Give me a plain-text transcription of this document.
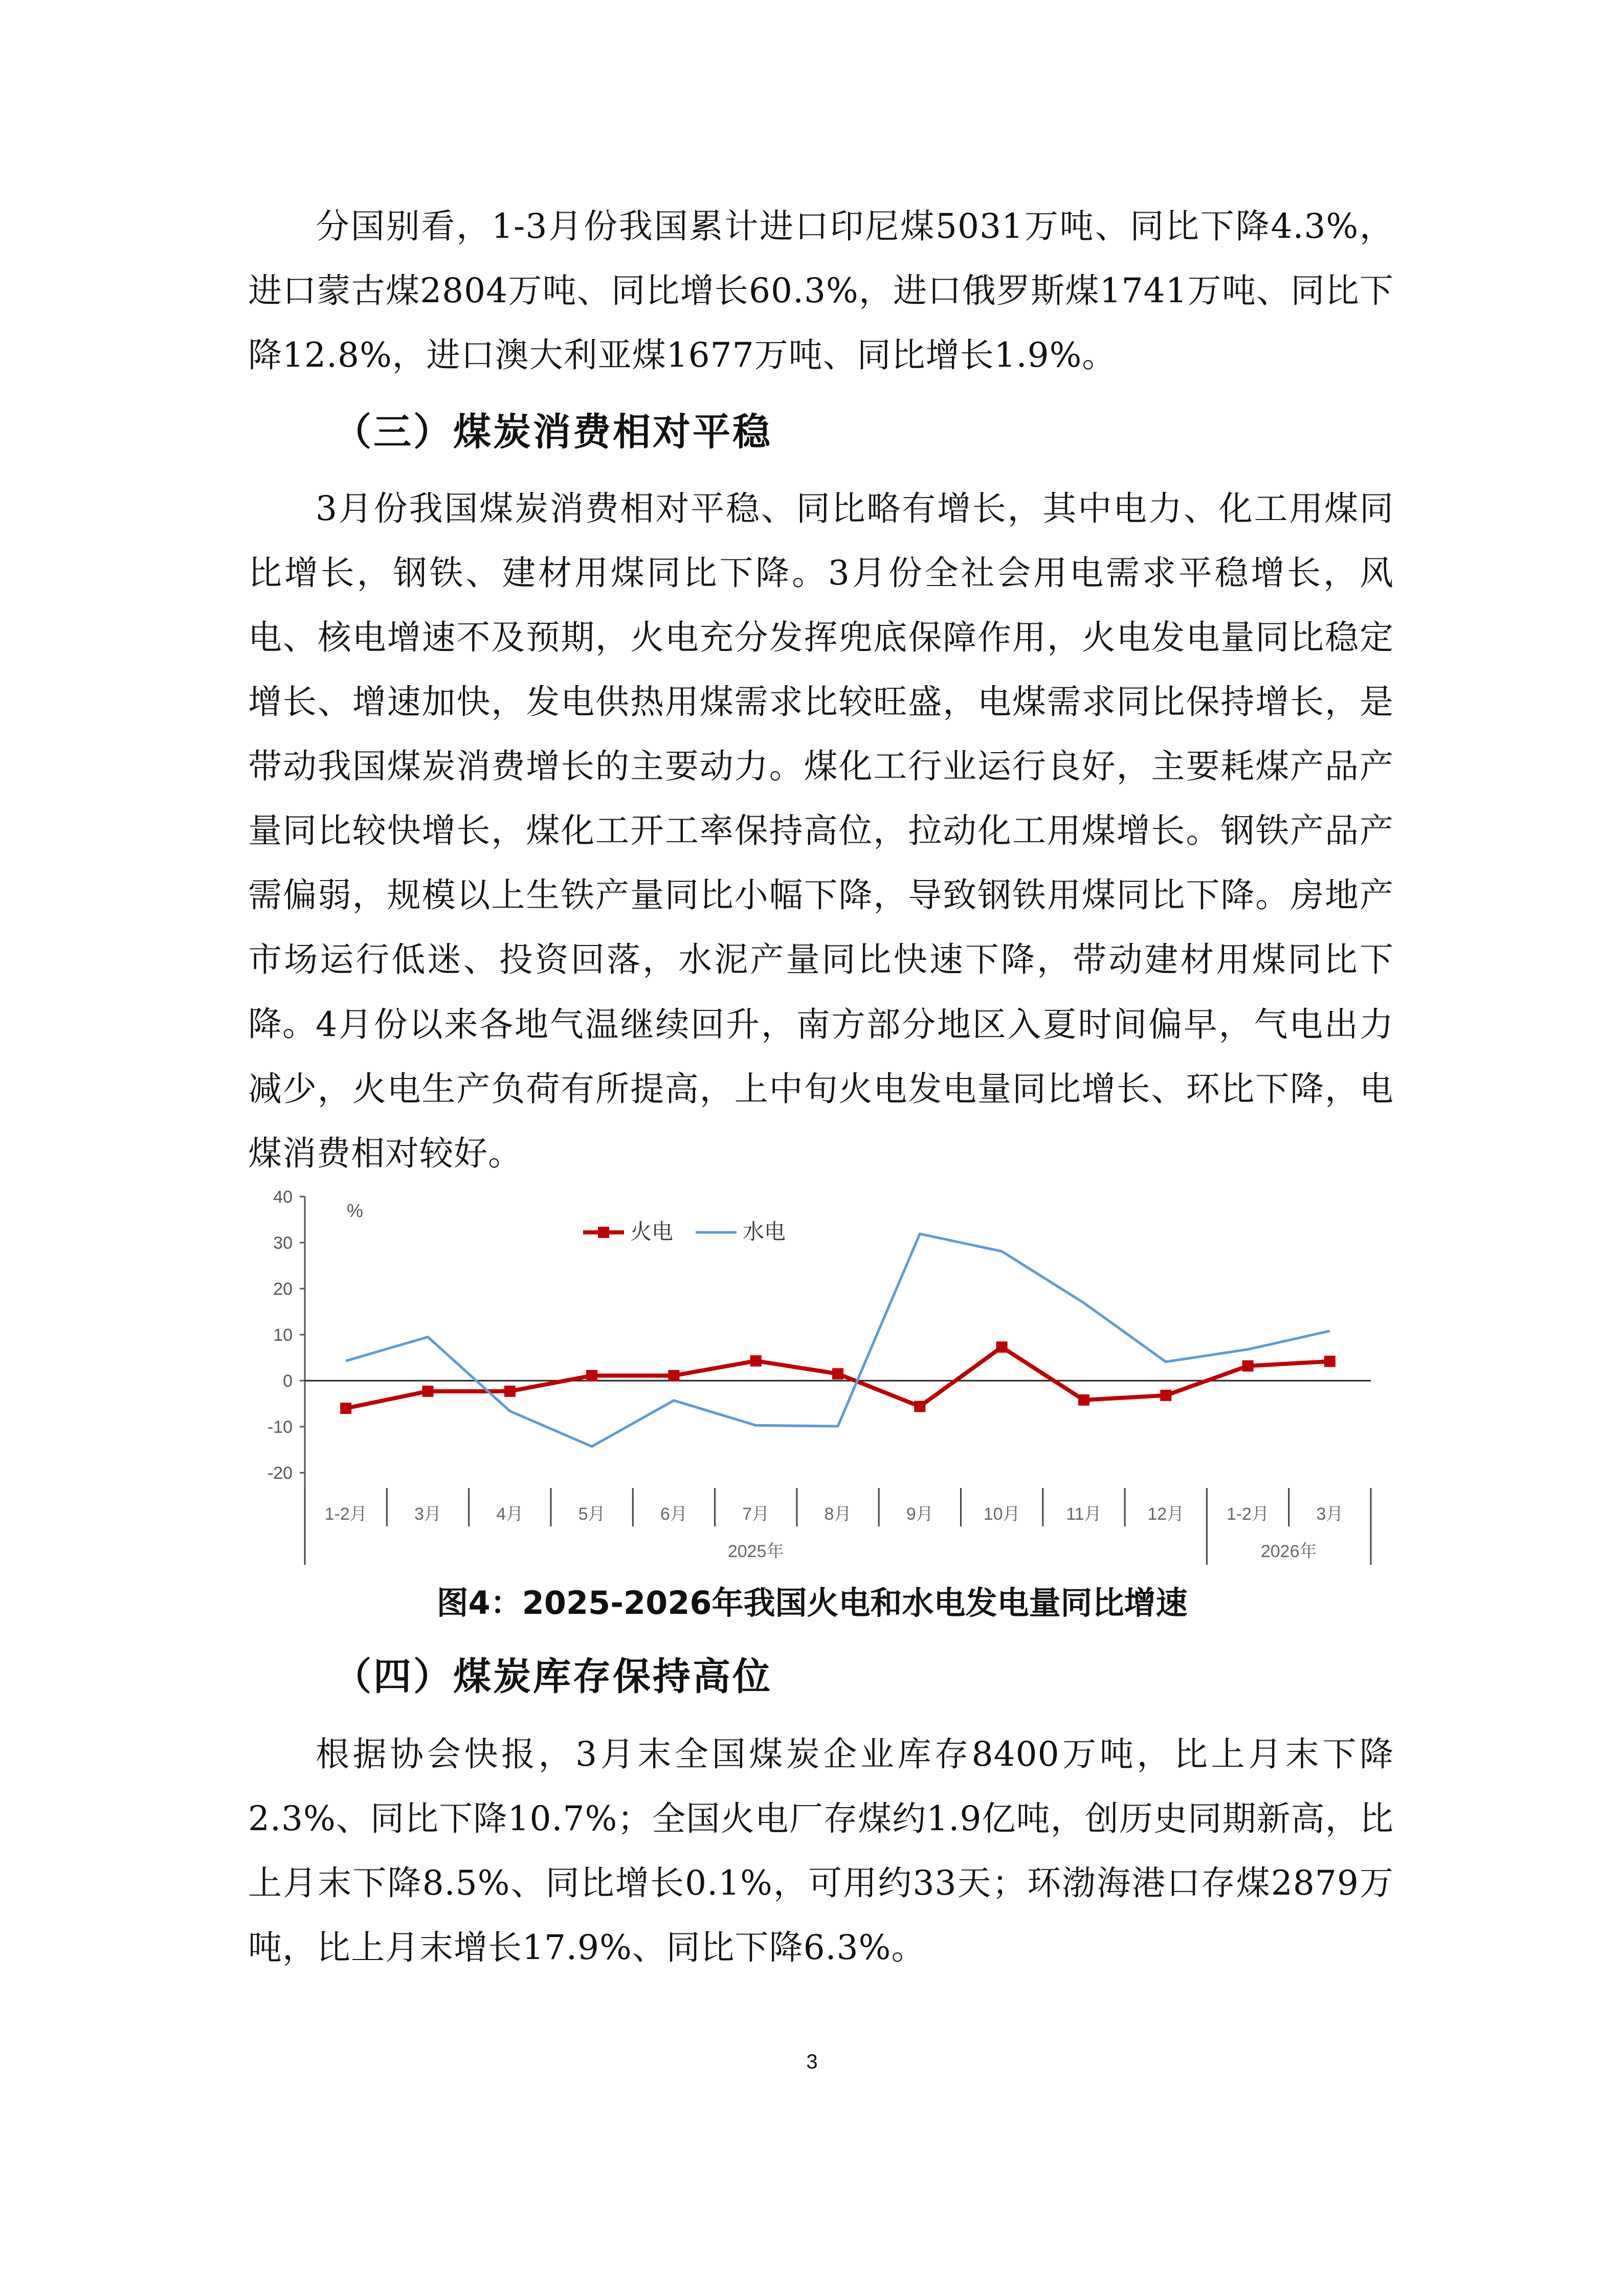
分国别看，1-3月份我国累计进口印尼煤5031万吨、同比下降4.3%，进口蒙古煤2804万吨、同比增长60.3%，进口俄罗斯煤1741万吨、同比下降12.8%，进口澳大利亚煤1677万吨、同比增长1.9%。

（三）煤炭消费相对平稳

3月份我国煤炭消费相对平稳、同比略有增长，其中电力、化工用煤同比增长，钢铁、建材用煤同比下降。3月份全社会用电需求平稳增长，风电、核电增速不及预期，火电充分发挥兜底保障作用，火电发电量同比稳定增长、增速加快，发电供热用煤需求比较旺盛，电煤需求同比保持增长，是带动我国煤炭消费增长的主要动力。煤化工行业运行良好，主要耗煤产品产量同比较快增长，煤化工开工率保持高位，拉动化工用煤增长。钢铁产品产需偏弱，规模以上生铁产量同比小幅下降，导致钢铁用煤同比下降。房地产市场运行低迷、投资回落，水泥产量同比快速下降，带动建材用煤同比下降。

4月份以来各地气温继续回升，南方部分地区入夏时间偏早，气电出力减少，火电生产负荷有所提高，上中旬火电发电量同比增长、环比下降，电煤消费相对较好。

-20
-10
0
10
20
30
40
%
1-2月	3月	4月	5月	6月	7月	8月	9月	10月	11月	12月 1-2月	3月
2025年	2026年
火电	水电

图4：2025-2026年我国火电和水电发电量同比增速

（四）煤炭库存保持高位

根据协会快报，3月末全国煤炭企业库存8400万吨，比上月末下降2.3%、同比下降10.7%；全国火电厂存煤约1.9亿吨，创历史同期新高，比上月末下降8.5%、同比增长0.1%，可用约33天；环渤海港口存煤2879万吨，比上月末增长17.9%、同比下降6.3%。

3
